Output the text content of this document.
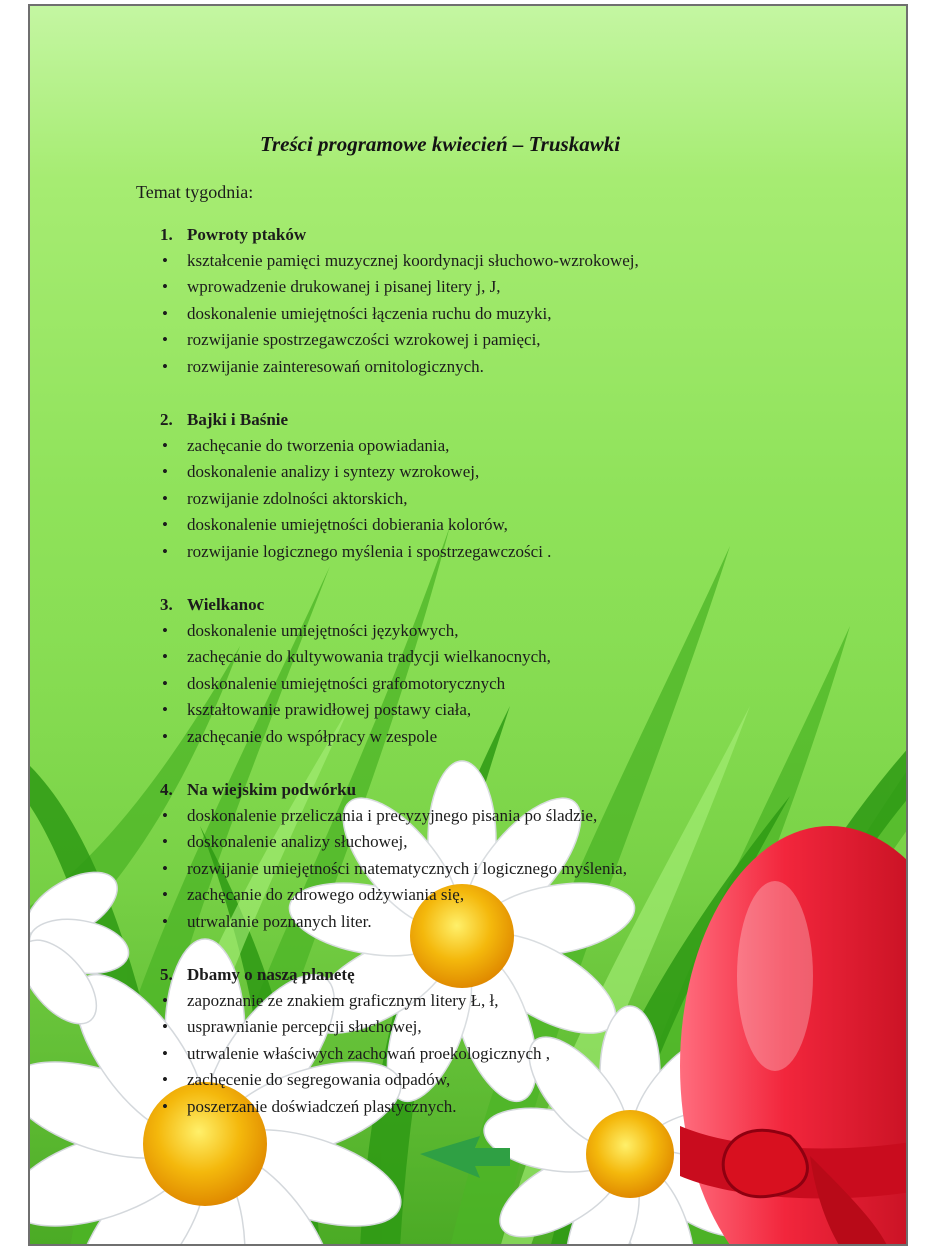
Treści programowe kwiecień – Truskawki

Temat tygodnia:

1. Powroty ptaków
• kształcenie pamięci muzycznej koordynacji słuchowo-wzrokowej,
• wprowadzenie drukowanej i pisanej litery j, J,
• doskonalenie umiejętności łączenia ruchu do muzyki,
• rozwijanie spostrzegawczości wzrokowej i pamięci,
• rozwijanie zainteresowań ornitologicznych.
2. Bajki i Baśnie
• zachęcanie do tworzenia opowiadania,
• doskonalenie analizy i syntezy wzrokowej,
• rozwijanie zdolności aktorskich,
• doskonalenie umiejętności dobierania kolorów,
• rozwijanie logicznego myślenia i spostrzegawczości .
3. Wielkanoc
• doskonalenie umiejętności językowych,
• zachęcanie do kultywowania tradycji wielkanocnych,
• doskonalenie umiejętności grafomotorycznych
• kształtowanie prawidłowej postawy ciała,
• zachęcanie do współpracy w zespole
4. Na wiejskim podwórku
• doskonalenie przeliczania i precyzyjnego pisania po śladzie,
• doskonalenie analizy słuchowej,
• rozwijanie umiejętności matematycznych i logicznego myślenia,
• zachęcanie do zdrowego odżywiania się,
• utrwalanie poznanych liter.
5. Dbamy o naszą planetę
• zapoznanie ze znakiem graficznym litery Ł, ł,
• usprawnianie percepcji słuchowej,
• utrwalenie właściwych zachowań proekologicznych ,
• zachęcenie do segregowania odpadów,
• poszerzanie doświadczeń plastycznych.
